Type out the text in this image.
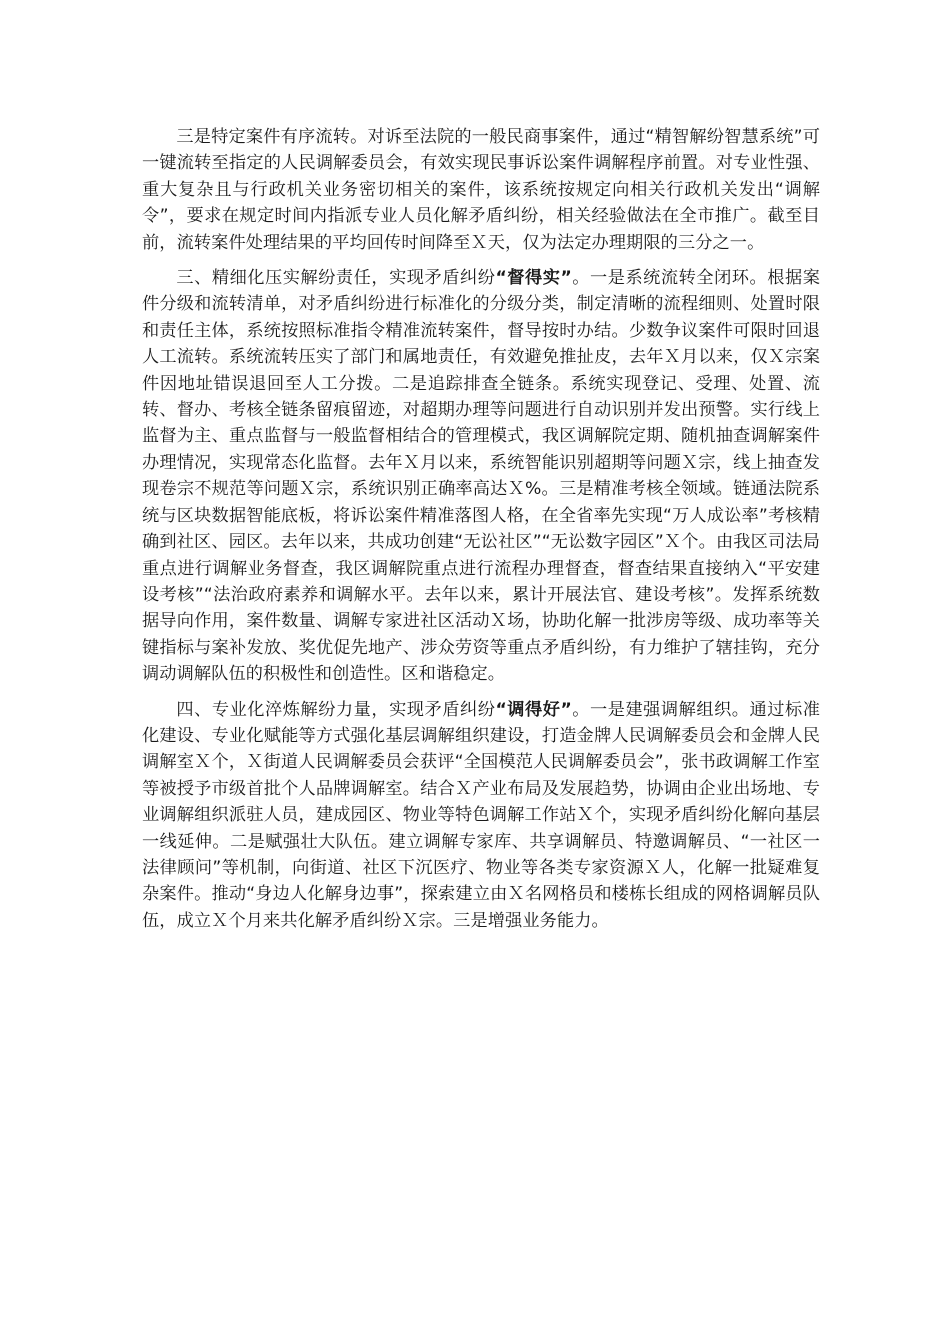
三是特定案件有序流转。对诉至法院的一般民商事案件，通过“精智解纷智慧系统”可一键流转至指定的人民调解委员会，有效实现民事诉讼案件调解程序前置。对专业性强、重大复杂且与行政机关业务密切相关的案件，该系统按规定向相关行政机关发出“调解令”，要求在规定时间内指派专业人员化解矛盾纠纷，相关经验做法在全市推广。截至目前，流转案件处理结果的平均回传时间降至Ｘ天，仅为法定办理期限的三分之一。

三、精细化压实解纷责任，实现矛盾纠纷“督得实”。一是系统流转全闭环。根据案件分级和流转清单，对矛盾纠纷进行标准化的分级分类，制定清晰的流程细则、处置时限和责任主体，系统按照标准指令精准流转案件，督导按时办结。少数争议案件可限时回退人工流转。系统流转压实了部门和属地责任，有效避免推扯皮，去年Ｘ月以来，仅Ｘ宗案件因地址错误退回至人工分拨。二是追踪排查全链条。系统实现登记、受理、处置、流转、督办、考核全链条留痕留迹，对超期办理等问题进行自动识别并发出预警。实行线上监督为主、重点监督与一般监督相结合的管理模式，我区调解院定期、随机抽查调解案件办理情况，实现常态化监督。去年Ｘ月以来，系统智能识别超期等问题Ｘ宗，线上抽查发现卷宗不规范等问题Ｘ宗，系统识别正确率高达Ｘ%。三是精准考核全领域。链通法院系统与区块数据智能底板，将诉讼案件精准落图人格，在全省率先实现“万人成讼率”考核精确到社区、园区。去年以来，共成功创建“无讼社区”“无讼数字园区”Ｘ个。由我区司法局重点进行调解业务督查，我区调解院重点进行流程办理督查，督查结果直接纳入“平安建设考核”“法治政府素养和调解水平。去年以来，累计开展法官、建设考核”。发挥系统数据导向作用，案件数量、调解专家进社区活动Ｘ场，协助化解一批涉房等级、成功率等关键指标与案补发放、奖优促先地产、涉众劳资等重点矛盾纠纷，有力维护了辖挂钩，充分调动调解队伍的积极性和创造性。区和谐稳定。

四、专业化淬炼解纷力量，实现矛盾纠纷“调得好”。一是建强调解组织。通过标准化建设、专业化赋能等方式强化基层调解组织建设，打造金牌人民调解委员会和金牌人民调解室Ｘ个，Ｘ街道人民调解委员会获评“全国模范人民调解委员会”，张书政调解工作室等被授予市级首批个人品牌调解室。结合Ｘ产业布局及发展趋势，协调由企业出场地、专业调解组织派驻人员，建成园区、物业等特色调解工作站Ｘ个，实现矛盾纠纷化解向基层一线延伸。二是赋强壮大队伍。建立调解专家库、共享调解员、特邀调解员、“一社区一法律顾问”等机制，向街道、社区下沉医疗、物业等各类专家资源Ｘ人，化解一批疑难复杂案件。推动“身边人化解身边事”，探索建立由Ｘ名网格员和楼栋长组成的网格调解员队伍，成立Ｘ个月来共化解矛盾纠纷Ｘ宗。三是增强业务能力。
